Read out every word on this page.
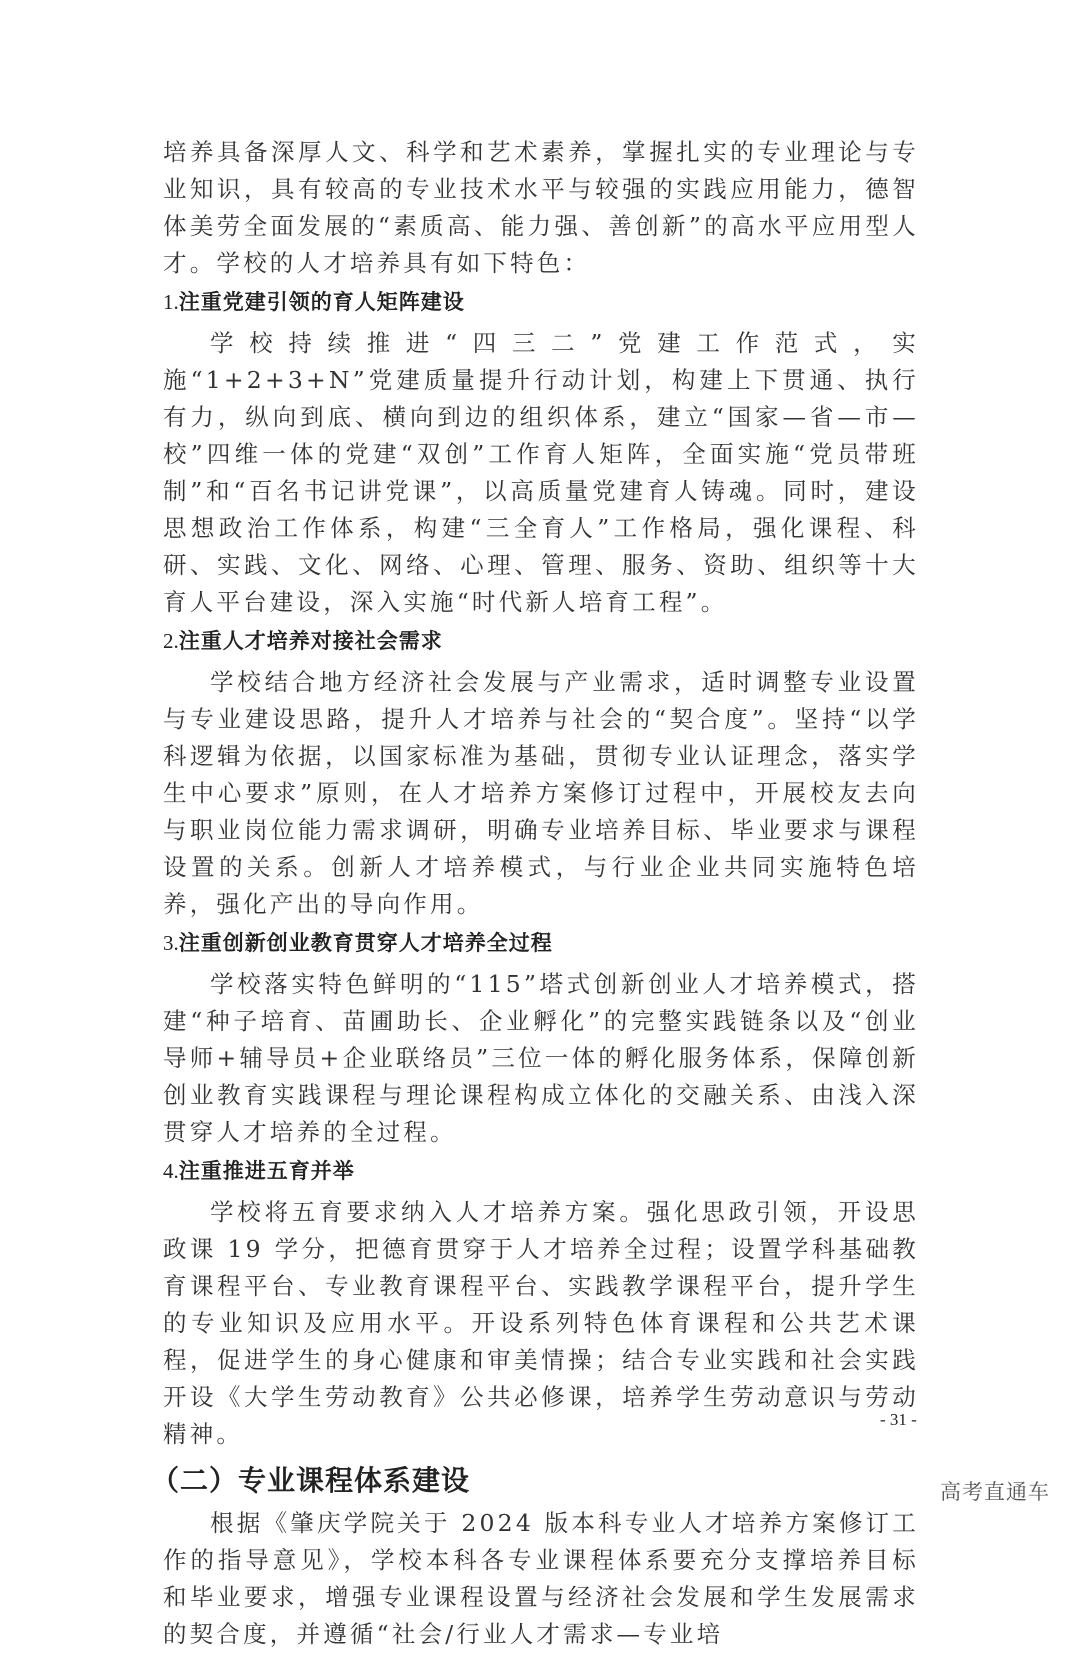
培养具备深厚人文、科学和艺术素养，掌握扎实的专业理论与专业知识，具有较高的专业技术水平与较强的实践应用能力，德智体美劳全面发展的“素质高、能力强、善创新”的高水平应用型人才。学校的人才培养具有如下特色：

1.注重党建引领的育人矩阵建设

学校持续推进“四三二”党建工作范式，实施“1+2+3+N”党建质量提升行动计划，构建上下贯通、执行有力，纵向到底、横向到边的组织体系，建立“国家—省—市—校”四维一体的党建“双创”工作育人矩阵，全面实施“党员带班制”和“百名书记讲党课”，以高质量党建育人铸魂。同时，建设思想政治工作体系，构建“三全育人”工作格局，强化课程、科研、实践、文化、网络、心理、管理、服务、资助、组织等十大育人平台建设，深入实施“时代新人培育工程”。

2.注重人才培养对接社会需求

学校结合地方经济社会发展与产业需求，适时调整专业设置与专业建设思路，提升人才培养与社会的“契合度”。坚持“以学科逻辑为依据，以国家标准为基础，贯彻专业认证理念，落实学生中心要求”原则，在人才培养方案修订过程中，开展校友去向与职业岗位能力需求调研，明确专业培养目标、毕业要求与课程设置的关系。创新人才培养模式，与行业企业共同实施特色培养，强化产出的导向作用。

3.注重创新创业教育贯穿人才培养全过程

学校落实特色鲜明的“115”塔式创新创业人才培养模式，搭建“种子培育、苗圃助长、企业孵化”的完整实践链条以及“创业导师+辅导员+企业联络员”三位一体的孵化服务体系，保障创新创业教育实践课程与理论课程构成立体化的交融关系、由浅入深贯穿人才培养的全过程。

4.注重推进五育并举

学校将五育要求纳入人才培养方案。强化思政引领，开设思政课 19 学分，把德育贯穿于人才培养全过程；设置学科基础教育课程平台、专业教育课程平台、实践教学课程平台，提升学生的专业知识及应用水平。开设系列特色体育课程和公共艺术课程，促进学生的身心健康和审美情操；结合专业实践和社会实践开设《大学生劳动教育》公共必修课，培养学生劳动意识与劳动精神。

（二）专业课程体系建设

根据《肇庆学院关于 2024 版本科专业人才培养方案修订工作的指导意见》，学校本科各专业课程体系要充分支撑培养目标和毕业要求，增强专业课程设置与经济社会发展和学生发展需求的契合度，并遵循“社会/行业人才需求—专业培

- 31 -
高考直通车
